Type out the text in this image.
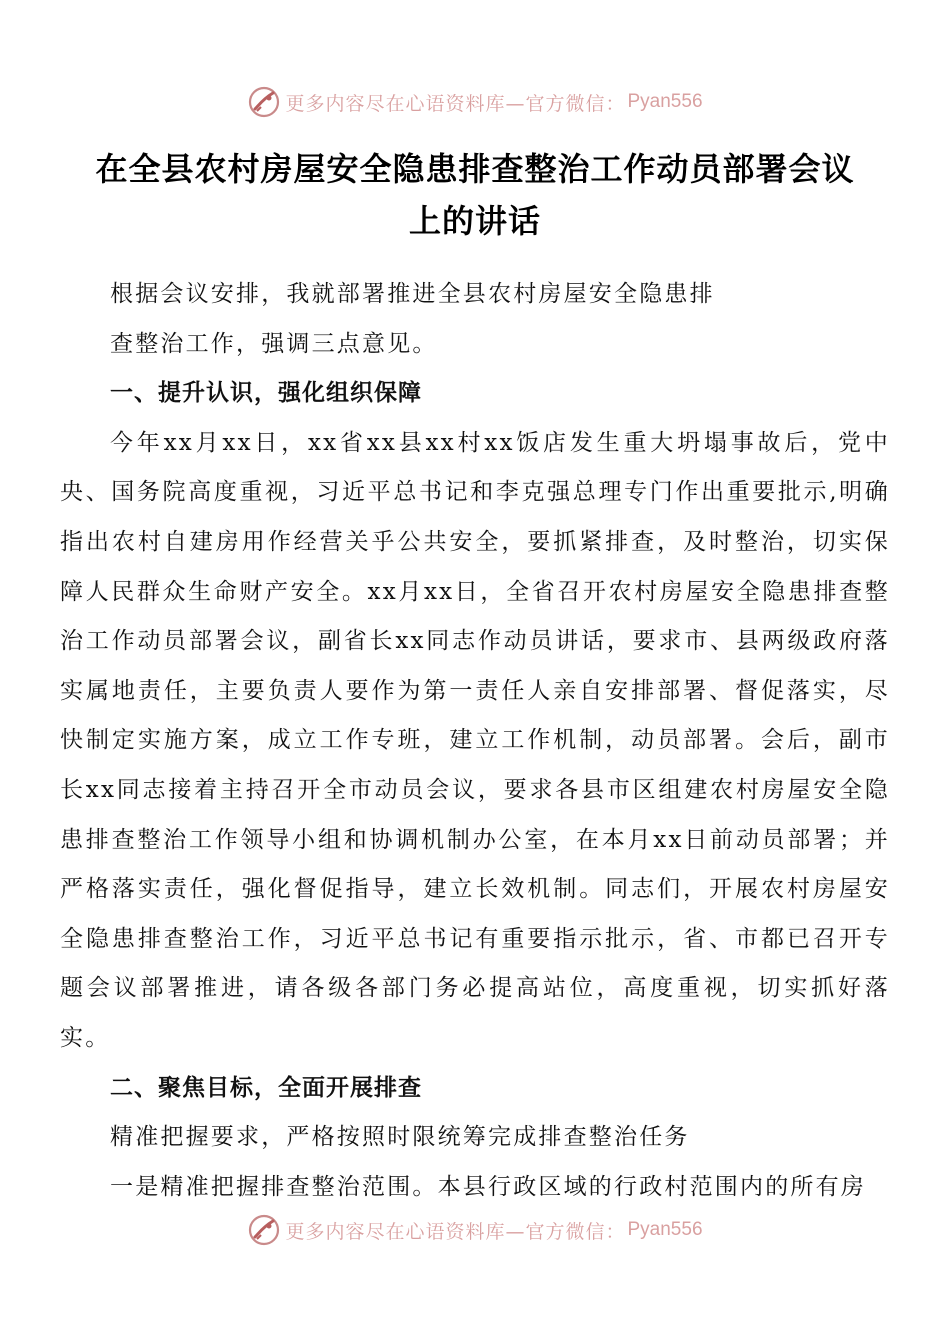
更多内容尽在心语资料库—官方微信： Pyan556
在全县农村房屋安全隐患排查整治工作动员部署会议
上的讲话
根据会议安排，我就部署推进全县农村房屋安全隐患排
查整治工作，强调三点意见。
一、提升认识，强化组织保障
今年xx月xx日，xx省xx县xx村xx饭店发生重大坍塌事故后，党中央、国务院高度重视，习近平总书记和李克强总理专门作出重要批示,明确指出农村自建房用作经营关乎公共安全，要抓紧排查，及时整治，切实保障人民群众生命财产安全。xx月xx日，全省召开农村房屋安全隐患排查整治工作动员部署会议，副省长xx同志作动员讲话，要求市、县两级政府落实属地责任，主要负责人要作为第一责任人亲自安排部署、督促落实，尽快制定实施方案，成立工作专班，建立工作机制，动员部署。会后，副市长xx同志接着主持召开全市动员会议，要求各县市区组建农村房屋安全隐患排查整治工作领导小组和协调机制办公室，在本月xx日前动员部署；并严格落实责任，强化督促指导，建立长效机制。同志们，开展农村房屋安全隐患排查整治工作，习近平总书记有重要指示批示，省、市都已召开专题会议部署推进，请各级各部门务必提高站位，高度重视，切实抓好落实。
二、聚焦目标，全面开展排查
精准把握要求，严格按照时限统筹完成排查整治任务
一是精准把握排查整治范围。本县行政区域的行政村范围内的所有房
更多内容尽在心语资料库—官方微信： Pyan556
